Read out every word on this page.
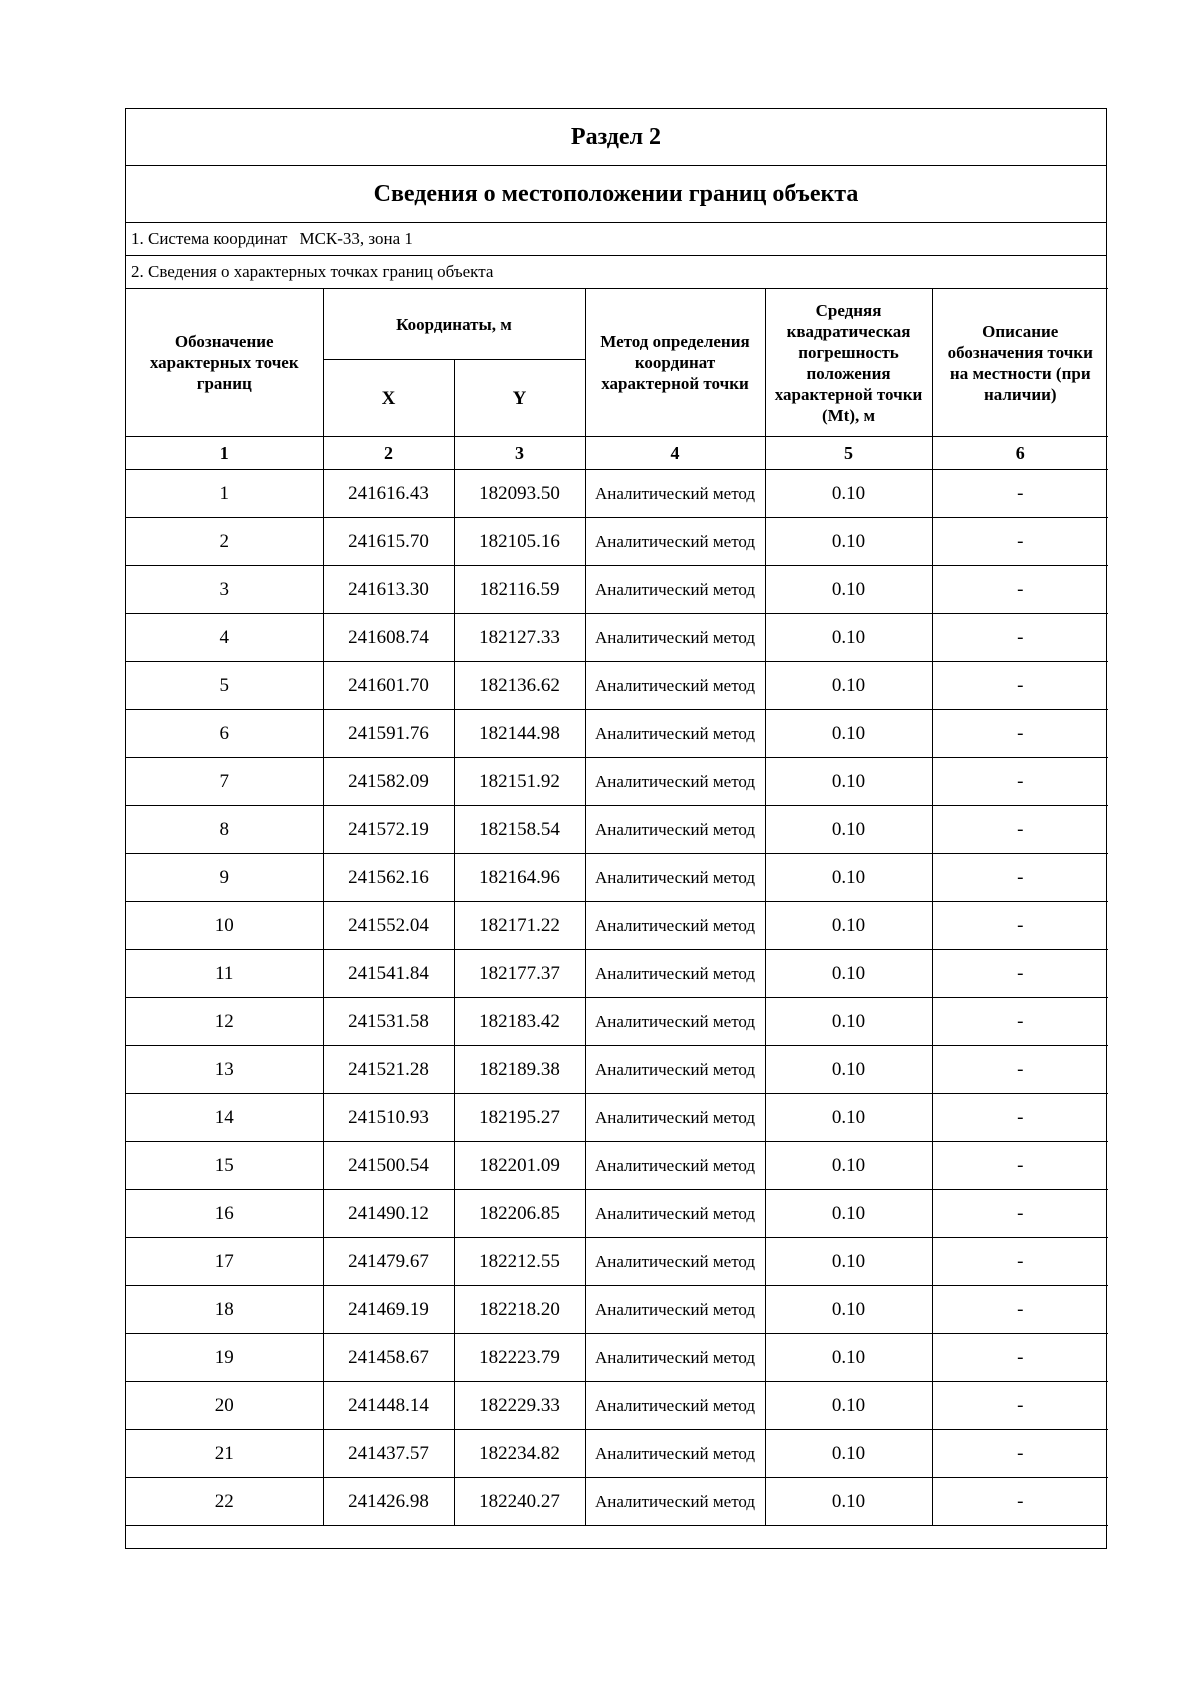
Раздел 2
Сведения о местоположении границ объекта
1. Система координат МСК-33, зона 1
2. Сведения о характерных точках границ объекта
Обозначение характерных точек границ	Координаты, м		Метод определения координат характерной точки	Средняя квадратическая погрешность положения характерной точки (Mt), м	Описание обозначения точки на местности (при наличии)
	X	Y			
1	2	3	4	5	6
1	241616.43	182093.50	Аналитический метод	0.10	-
2	241615.70	182105.16	Аналитический метод	0.10	-
3	241613.30	182116.59	Аналитический метод	0.10	-
4	241608.74	182127.33	Аналитический метод	0.10	-
5	241601.70	182136.62	Аналитический метод	0.10	-
6	241591.76	182144.98	Аналитический метод	0.10	-
7	241582.09	182151.92	Аналитический метод	0.10	-
8	241572.19	182158.54	Аналитический метод	0.10	-
9	241562.16	182164.96	Аналитический метод	0.10	-
10	241552.04	182171.22	Аналитический метод	0.10	-
11	241541.84	182177.37	Аналитический метод	0.10	-
12	241531.58	182183.42	Аналитический метод	0.10	-
13	241521.28	182189.38	Аналитический метод	0.10	-
14	241510.93	182195.27	Аналитический метод	0.10	-
15	241500.54	182201.09	Аналитический метод	0.10	-
16	241490.12	182206.85	Аналитический метод	0.10	-
17	241479.67	182212.55	Аналитический метод	0.10	-
18	241469.19	182218.20	Аналитический метод	0.10	-
19	241458.67	182223.79	Аналитический метод	0.10	-
20	241448.14	182229.33	Аналитический метод	0.10	-
21	241437.57	182234.82	Аналитический метод	0.10	-
22	241426.98	182240.27	Аналитический метод	0.10	-
